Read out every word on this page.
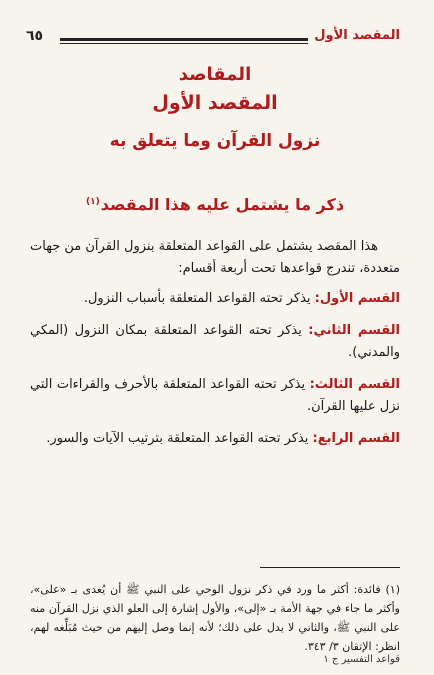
المقصد الأول
٦٥
المقاصد
المقصد الأول
نزول القرآن وما يتعلق به
ذكر ما يشتمل عليه هذا المقصد$^{(١)}$

هذا المقصد يشتمل على القواعد المتعلقة بنزول القرآن من جهات متعددة، تندرج قواعدها تحت أربعة أقسام:

القسم الأول: يذكر تحته القواعد المتعلقة بأسباب النزول.

القسم الثاني: يذكر تحته القواعد المتعلقة بمكان النزول (المكي والمدني).

القسم الثالث: يذكر تحته القواعد المتعلقة بالأحرف والقراءات التي نزل عليها القرآن.

القسم الرابع: يذكر تحته القواعد المتعلقة بترتيب الآيات والسور.

(١) فائدة: أكثر ما ورد في ذكر نزول الوحي على النبي ﷺ أن يُعدى بـ «على»، وأكثر ما جاء في جهة الأمة بـ «إلى»، والأول إشارة إلى العلو الذي نزل القرآن منه على النبي ﷺ، والثاني لا يدل على ذلك؛ لأنه إنما وصل إليهم من حيث مُبَلِّغه لهم، انظر: الإتقان ٣/ ٣٤٣.
قواعد التفسير ج ١
